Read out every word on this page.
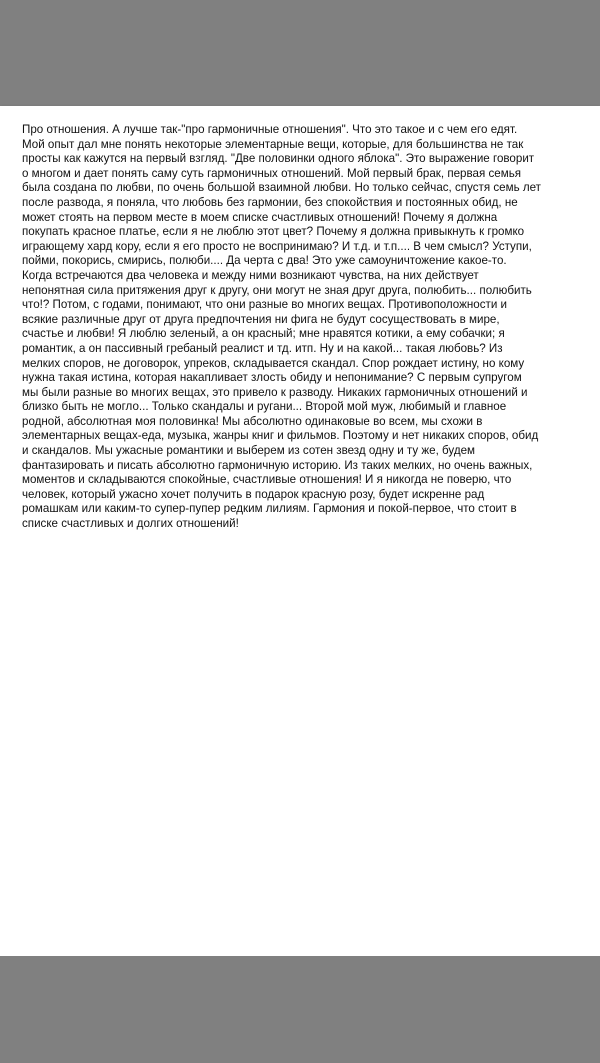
Про отношения. А лучше так-"про гармоничные отношения". Что это такое и с чем его едят.
Мой опыт дал мне понять некоторые элементарные вещи, которые, для большинства не так
просты как кажутся на первый взгляд. "Две половинки одного яблока". Это выражение говорит
о многом и дает понять саму суть гармоничных отношений. Мой первый брак, первая семья
была создана по любви, по очень большой взаимной любви. Но только сейчас, спустя семь лет
после развода, я поняла, что любовь без гармонии, без спокойствия и постоянных обид, не
может стоять на первом месте в моем списке счастливых отношений! Почему я должна
покупать красное платье, если я не люблю этот цвет? Почему я должна привыкнуть к громко
играющему хард кору, если я его просто не воспринимаю? И т.д. и т.п.... В чем смысл? Уступи,
пойми, покорись, смирись, полюби.... Да черта с два! Это уже самоуничтожение какое-то.
Когда встречаются два человека и между ними возникают чувства, на них действует
непонятная сила притяжения друг к другу, они могут не зная друг друга, полюбить... полюбить
что!? Потом, с годами, понимают, что они разные во многих вещах. Противоположности и
всякие различные друг от друга предпочтения ни фига не будут сосуществовать в мире,
счастье и любви! Я люблю зеленый, а он красный; мне нравятся котики, а ему собачки; я
романтик, а он пассивный гребаный реалист и тд. итп. Ну и на какой... такая любовь? Из
мелких споров, не договорок, упреков, складывается скандал. Спор рождает истину, но кому
нужна такая истина, которая накапливает злость обиду и непонимание? С первым супругом
мы были разные во многих вещах, это привело к разводу. Никаких гармоничных отношений и
близко быть не могло... Только скандалы и ругани... Второй мой муж, любимый и главное
родной, абсолютная моя половинка! Мы абсолютно одинаковые во всем, мы схожи в
элементарных вещах-еда, музыка, жанры книг и фильмов. Поэтому и нет никаких споров, обид
и скандалов. Мы ужасные романтики и выберем из сотен звезд одну и ту же, будем
фантазировать и писать абсолютно гармоничную историю. Из таких мелких, но очень важных,
моментов и складываются спокойные, счастливые отношения! И я никогда не поверю, что
человек, который ужасно хочет получить в подарок красную розу, будет искренне рад
ромашкам или каким-то супер-пупер редким лилиям. Гармония и покой-первое, что стоит в
списке счастливых и долгих отношений!
